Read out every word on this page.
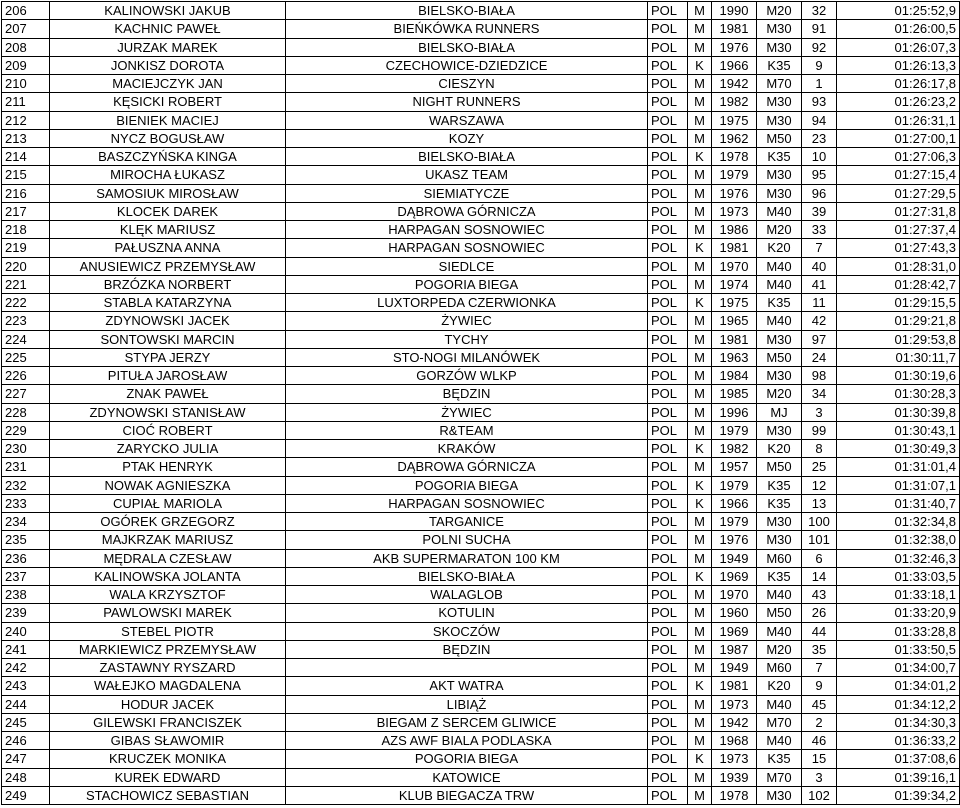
206	KALINOWSKI JAKUB	BIELSKO-BIAŁA	POL	M	1990	M20	32	01:25:52,9
207	KACHNIC PAWEŁ	BIEŃKÓWKA RUNNERS	POL	M	1981	M30	91	01:26:00,5
208	JURZAK MAREK	BIELSKO-BIAŁA	POL	M	1976	M30	92	01:26:07,3
209	JONKISZ DOROTA	CZECHOWICE-DZIEDZICE	POL	K	1966	K35	9	01:26:13,3
210	MACIEJCZYK JAN	CIESZYN	POL	M	1942	M70	1	01:26:17,8
211	KĘSICKI ROBERT	NIGHT RUNNERS	POL	M	1982	M30	93	01:26:23,2
212	BIENIEK MACIEJ	WARSZAWA	POL	M	1975	M30	94	01:26:31,1
213	NYCZ BOGUSŁAW	KOZY	POL	M	1962	M50	23	01:27:00,1
214	BASZCZYŃSKA KINGA	BIELSKO-BIAŁA	POL	K	1978	K35	10	01:27:06,3
215	MIROCHA ŁUKASZ	UKASZ TEAM	POL	M	1979	M30	95	01:27:15,4
216	SAMOSIUK MIROSŁAW	SIEMIATYCZE	POL	M	1976	M30	96	01:27:29,5
217	KLOCEK DAREK	DĄBROWA GÓRNICZA	POL	M	1973	M40	39	01:27:31,8
218	KLĘK MARIUSZ	HARPAGAN SOSNOWIEC	POL	M	1986	M20	33	01:27:37,4
219	PAŁUSZNA ANNA	HARPAGAN SOSNOWIEC	POL	K	1981	K20	7	01:27:43,3
220	ANUSIEWICZ PRZEMYSŁAW	SIEDLCE	POL	M	1970	M40	40	01:28:31,0
221	BRZÓZKA NORBERT	POGORIA BIEGA	POL	M	1974	M40	41	01:28:42,7
222	STABLA KATARZYNA	LUXTORPEDA CZERWIONKA	POL	K	1975	K35	11	01:29:15,5
223	ZDYNOWSKI JACEK	ŻYWIEC	POL	M	1965	M40	42	01:29:21,8
224	SONTOWSKI MARCIN	TYCHY	POL	M	1981	M30	97	01:29:53,8
225	STYPA JERZY	STO-NOGI MILANÓWEK	POL	M	1963	M50	24	01:30:11,7
226	PITUŁA JAROSŁAW	GORZÓW WLKP	POL	M	1984	M30	98	01:30:19,6
227	ZNAK PAWEŁ	BĘDZIN	POL	M	1985	M20	34	01:30:28,3
228	ZDYNOWSKI STANISŁAW	ŻYWIEC	POL	M	1996	MJ	3	01:30:39,8
229	CIOĆ ROBERT	R&TEAM	POL	M	1979	M30	99	01:30:43,1
230	ZARYCKO JULIA	KRAKÓW	POL	K	1982	K20	8	01:30:49,3
231	PTAK HENRYK	DĄBROWA GÓRNICZA	POL	M	1957	M50	25	01:31:01,4
232	NOWAK AGNIESZKA	POGORIA BIEGA	POL	K	1979	K35	12	01:31:07,1
233	CUPIAŁ MARIOLA	HARPAGAN SOSNOWIEC	POL	K	1966	K35	13	01:31:40,7
234	OGÓREK GRZEGORZ	TARGANICE	POL	M	1979	M30	100	01:32:34,8
235	MAJKRZAK MARIUSZ	POLNI SUCHA	POL	M	1976	M30	101	01:32:38,0
236	MĘDRALA CZESŁAW	AKB SUPERMARATON 100 KM	POL	M	1949	M60	6	01:32:46,3
237	KALINOWSKA JOLANTA	BIELSKO-BIAŁA	POL	K	1969	K35	14	01:33:03,5
238	WALA KRZYSZTOF	WALAGLOB	POL	M	1970	M40	43	01:33:18,1
239	PAWLOWSKI MAREK	KOTULIN	POL	M	1960	M50	26	01:33:20,9
240	STEBEL PIOTR	SKOCZÓW	POL	M	1969	M40	44	01:33:28,8
241	MARKIEWICZ PRZEMYSŁAW	BĘDZIN	POL	M	1987	M20	35	01:33:50,5
242	ZASTAWNY RYSZARD		POL	M	1949	M60	7	01:34:00,7
243	WAŁEJKO MAGDALENA	AKT WATRA	POL	K	1981	K20	9	01:34:01,2
244	HODUR JACEK	LIBIĄŻ	POL	M	1973	M40	45	01:34:12,2
245	GILEWSKI FRANCISZEK	BIEGAM Z SERCEM GLIWICE	POL	M	1942	M70	2	01:34:30,3
246	GIBAS SŁAWOMIR	AZS AWF BIALA PODLASKA	POL	M	1968	M40	46	01:36:33,2
247	KRUCZEK MONIKA	POGORIA BIEGA	POL	K	1973	K35	15	01:37:08,6
248	KUREK EDWARD	KATOWICE	POL	M	1939	M70	3	01:39:16,1
249	STACHOWICZ SEBASTIAN	KLUB BIEGACZA TRW	POL	M	1978	M30	102	01:39:34,2
